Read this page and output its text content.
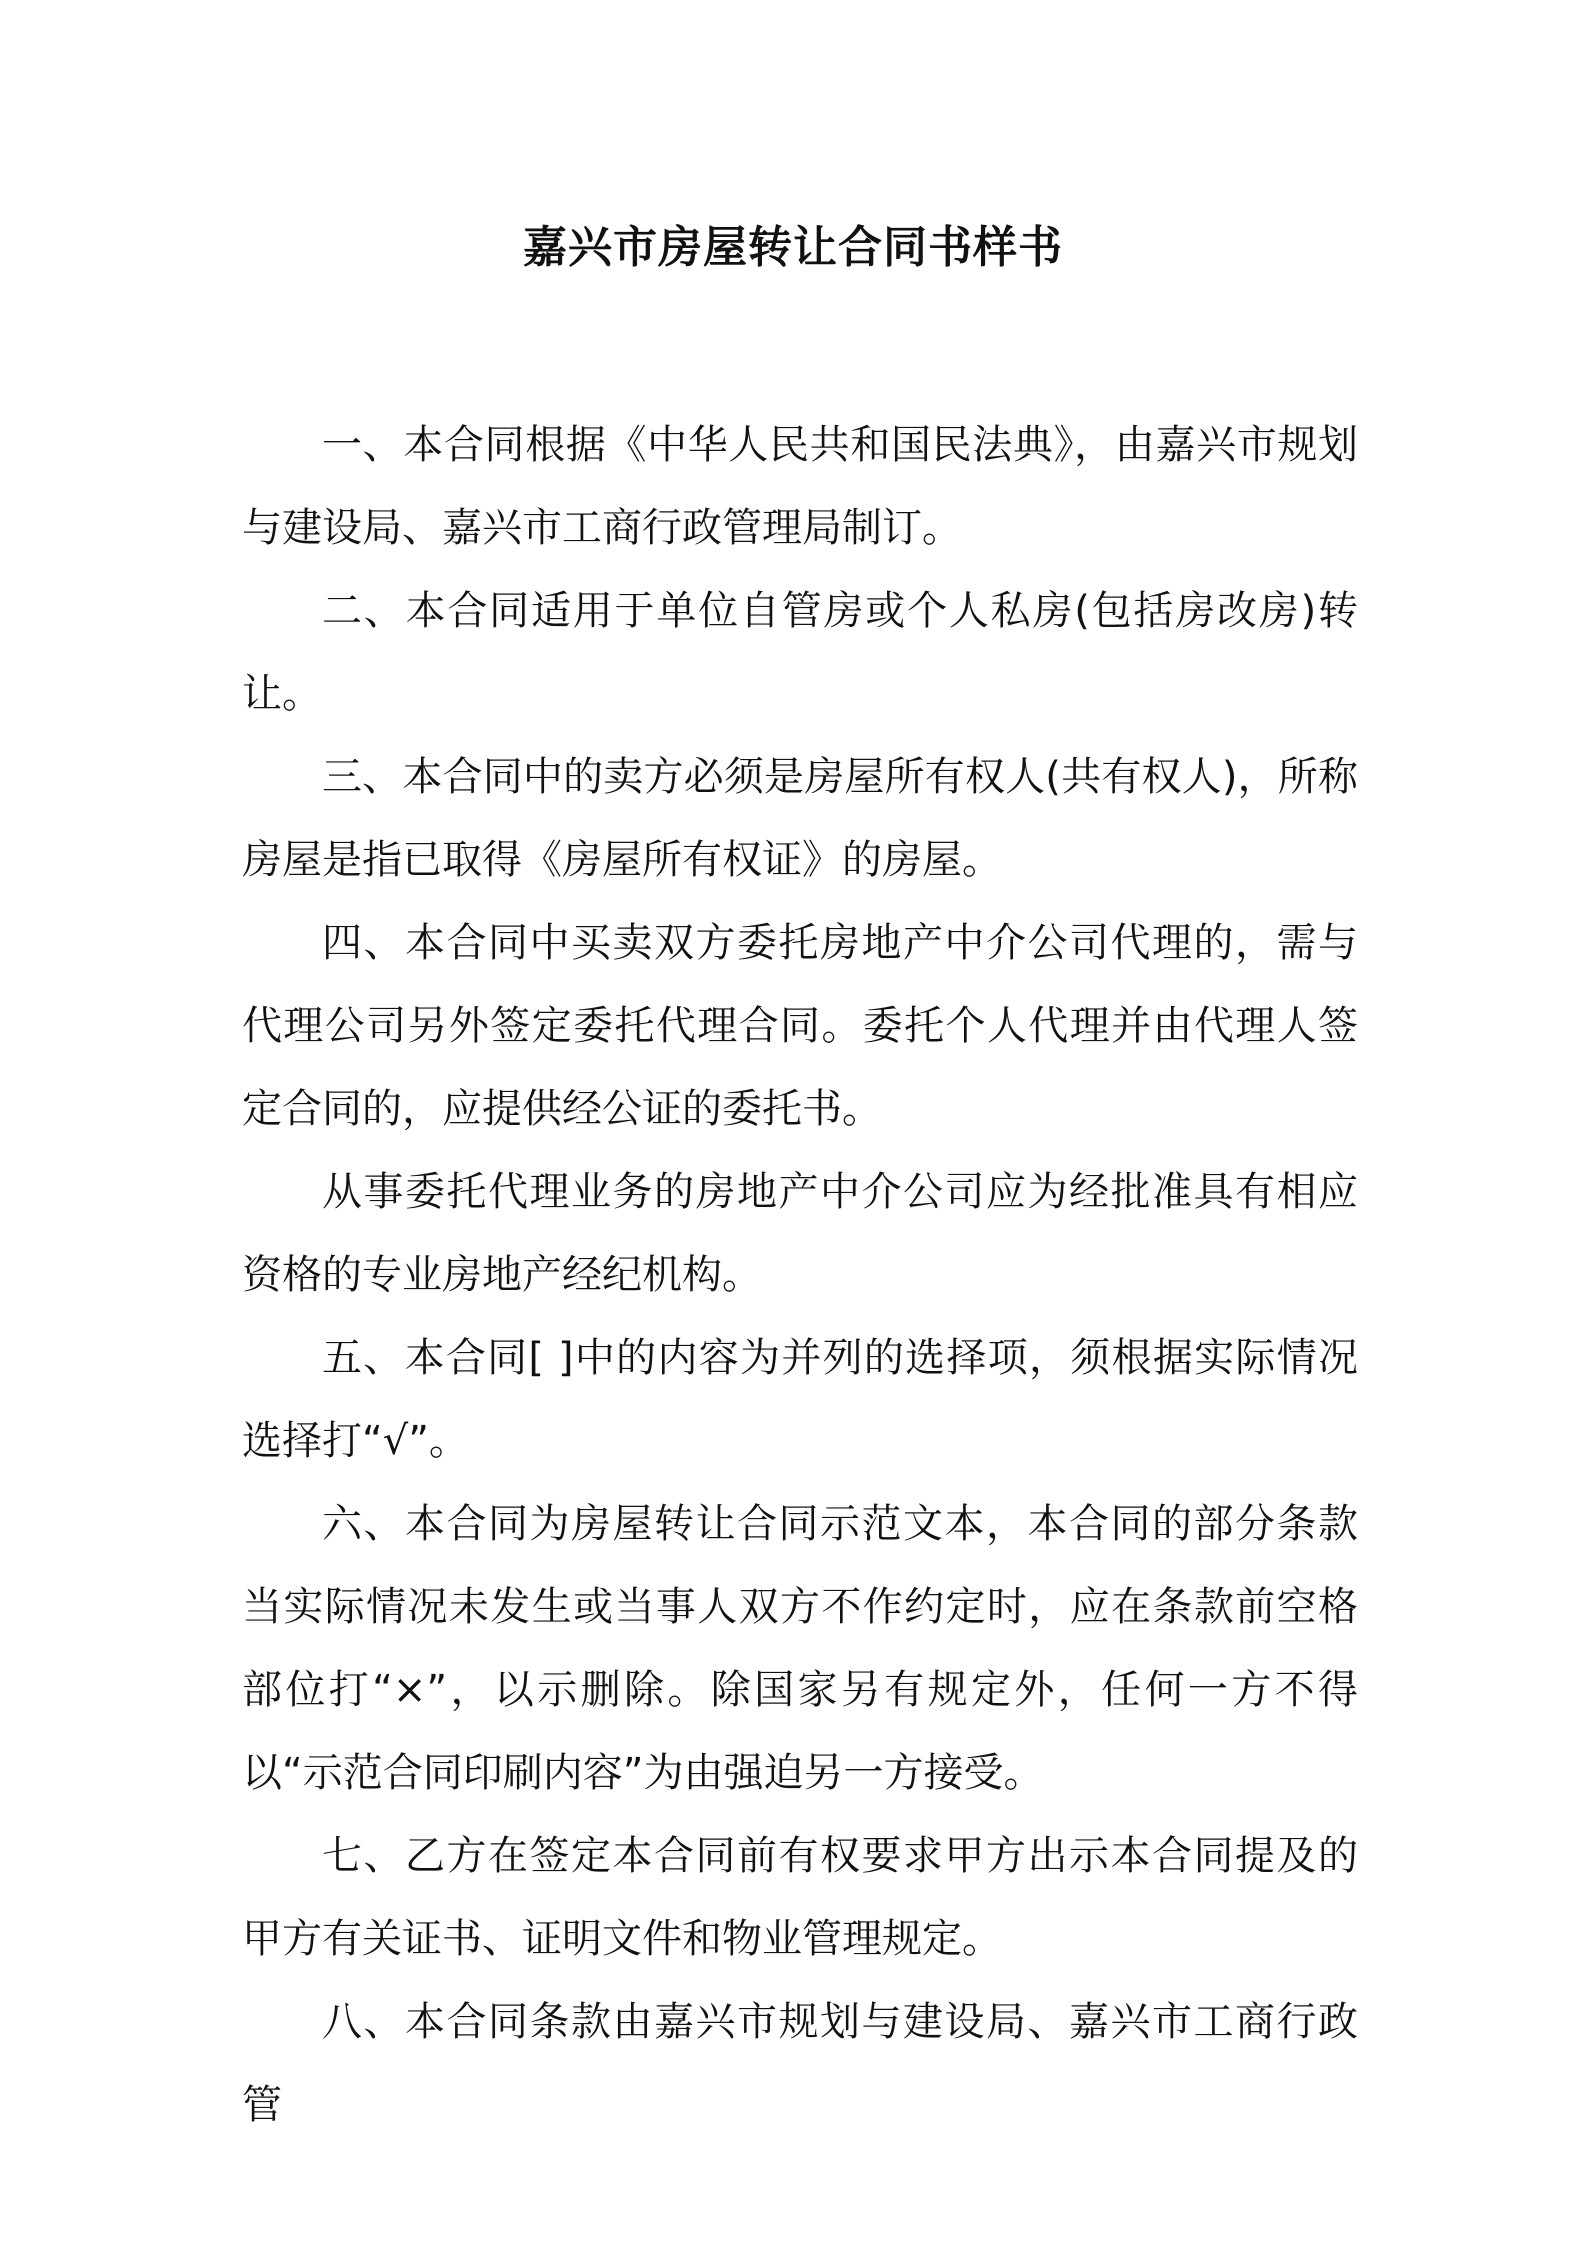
嘉兴市房屋转让合同书样书

一、本合同根据《中华人民共和国民法典》，由嘉兴市规划与建设局、嘉兴市工商行政管理局制订。

二、本合同适用于单位自管房或个人私房(包括房改房)转让。

三、本合同中的卖方必须是房屋所有权人(共有权人)，所称房屋是指已取得《房屋所有权证》的房屋。

四、本合同中买卖双方委托房地产中介公司代理的，需与代理公司另外签定委托代理合同。委托个人代理并由代理人签定合同的，应提供经公证的委托书。

从事委托代理业务的房地产中介公司应为经批准具有相应资格的专业房地产经纪机构。

五、本合同[ ]中的内容为并列的选择项，须根据实际情况选择打“√”。

六、本合同为房屋转让合同示范文本，本合同的部分条款当实际情况未发生或当事人双方不作约定时，应在条款前空格部位打“×”，以示删除。除国家另有规定外，任何一方不得以“示范合同印刷内容”为由强迫另一方接受。

七、乙方在签定本合同前有权要求甲方出示本合同提及的甲方有关证书、证明文件和物业管理规定。

八、本合同条款由嘉兴市规划与建设局、嘉兴市工商行政管
